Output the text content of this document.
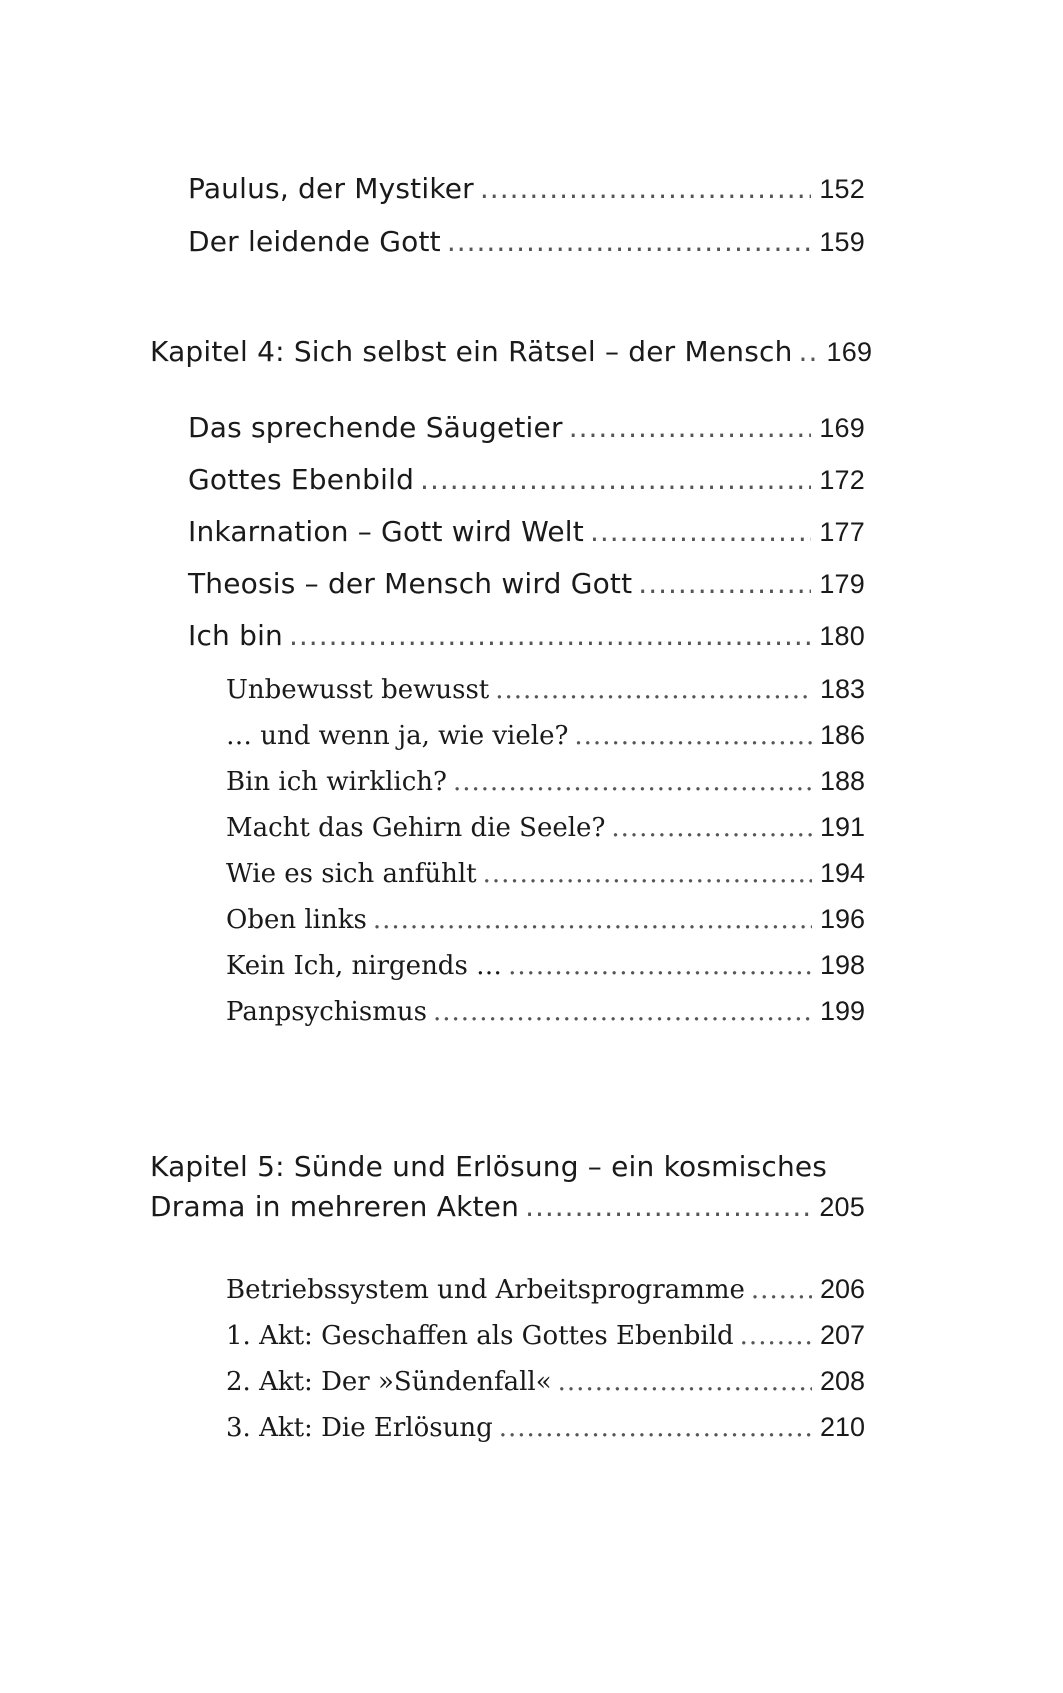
Paulus, der Mystiker .....	152
Der leidende Gott .....	159
Kapitel 4: Sich selbst ein Rätsel – der Mensch ..... 169
Das sprechende Säugetier .....	169
Gottes Ebenbild .....	172
Inkarnation – Gott wird Welt .....	177
Theosis – der Mensch wird Gott .....	179
Ich bin .....	180
Unbewusst bewusst .....	183
… und wenn ja, wie viele? .....	186
Bin ich wirklich? .....	188
Macht das Gehirn die Seele? .....	191
Wie es sich anfühlt .....	194
Oben links .....	196
Kein Ich, nirgends … .....	198
Panpsychismus .....	199
Kapitel 5: Sünde und Erlösung – ein kosmisches
Drama in mehreren Akten .....	205
Betriebssystem und Arbeitsprogramme .....	206
1. Akt: Geschaffen als Gottes Ebenbild .....	207
2. Akt: Der »Sündenfall« .....	208
3. Akt: Die Erlösung .....	210
